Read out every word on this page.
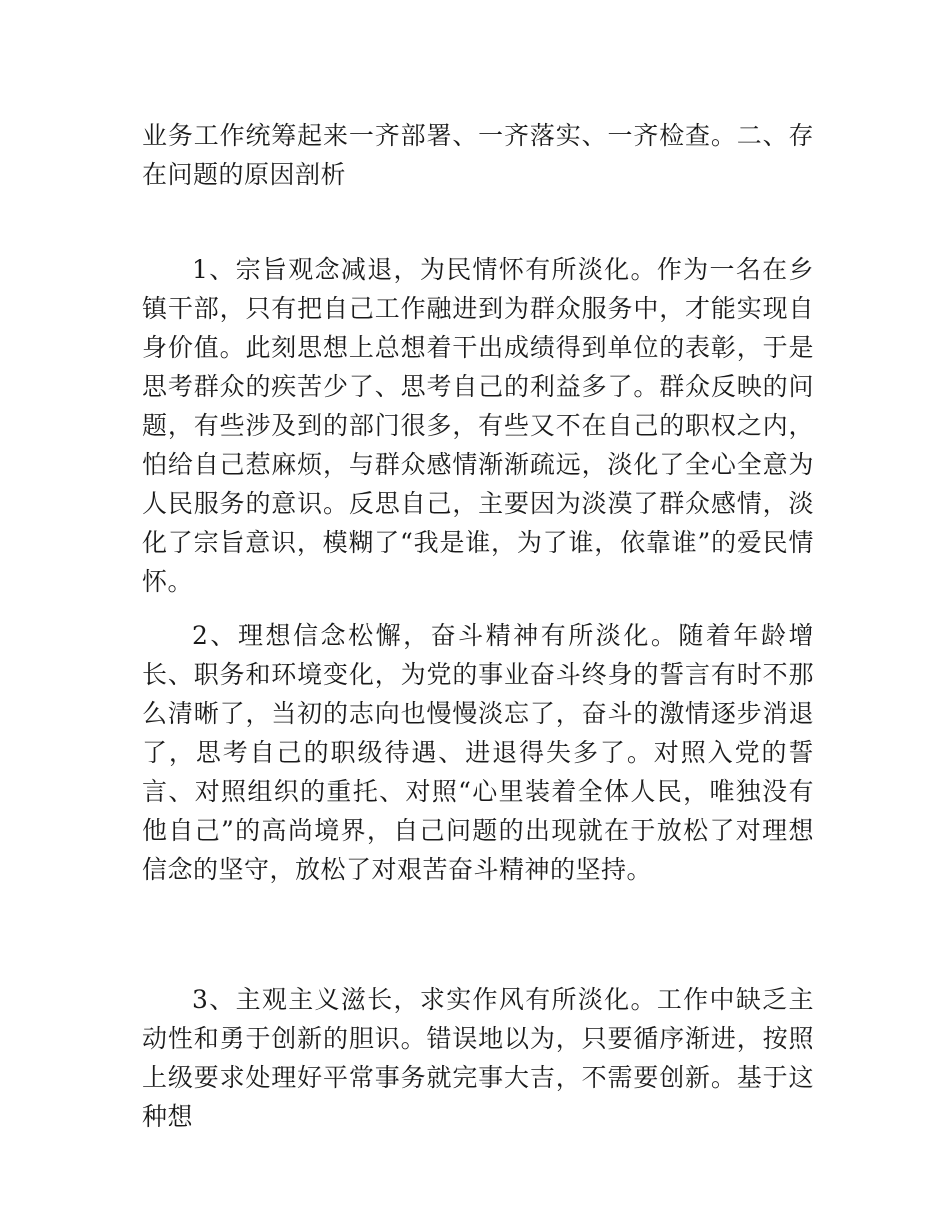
业务工作统筹起来一齐部署、一齐落实、一齐检查。二、存在问题的原因剖析

1、宗旨观念减退，为民情怀有所淡化。作为一名在乡镇干部，只有把自己工作融进到为群众服务中，才能实现自身价值。此刻思想上总想着干出成绩得到单位的表彰，于是思考群众的疾苦少了、思考自己的利益多了。群众反映的问题，有些涉及到的部门很多，有些又不在自己的职权之内，怕给自己惹麻烦，与群众感情渐渐疏远，淡化了全心全意为人民服务的意识。反思自己，主要因为淡漠了群众感情，淡化了宗旨意识，模糊了“我是谁，为了谁，依靠谁”的爱民情怀。

2、理想信念松懈，奋斗精神有所淡化。随着年龄增长、职务和环境变化，为党的事业奋斗终身的誓言有时不那么清晰了，当初的志向也慢慢淡忘了，奋斗的激情逐步消退了，思考自己的职级待遇、进退得失多了。对照入党的誓言、对照组织的重托、对照“心里装着全体人民，唯独没有他自己”的高尚境界，自己问题的出现就在于放松了对理想信念的坚守，放松了对艰苦奋斗精神的坚持。

3、主观主义滋长，求实作风有所淡化。工作中缺乏主动性和勇于创新的胆识。错误地以为，只要循序渐进，按照上级要求处理好平常事务就完事大吉，不需要创新。基于这种想
